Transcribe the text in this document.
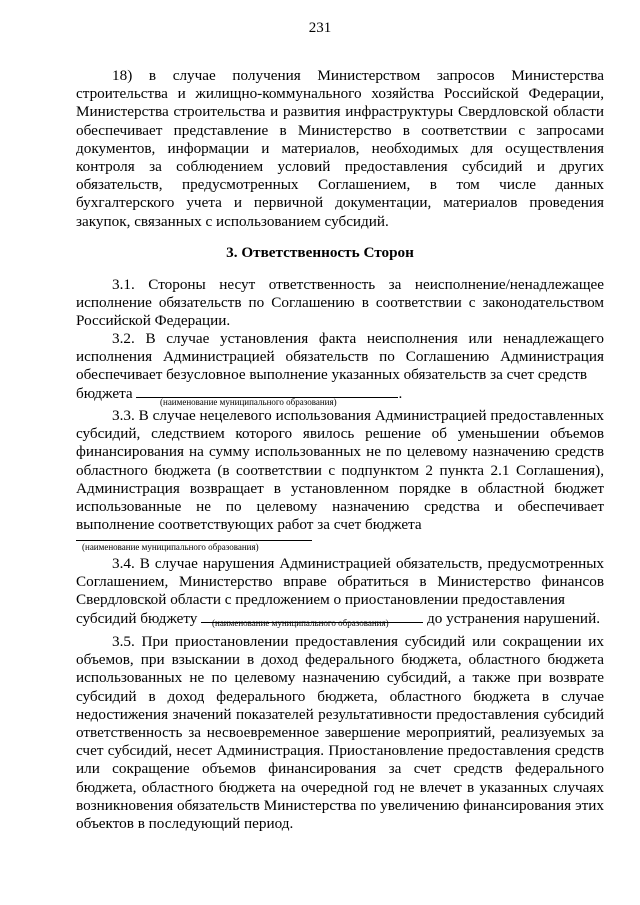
231

18) в случае получения Министерством запросов Министерства строительства и жилищно-коммунального хозяйства Российской Федерации, Министерства строительства и развития инфраструктуры Свердловской области обеспечивает представление в Министерство в соответствии с запросами документов, информации и материалов, необходимых для осуществления контроля за соблюдением условий предоставления субсидий и других обязательств, предусмотренных Соглашением, в том числе данных бухгалтерского учета и первичной документации, материалов проведения закупок, связанных с использованием субсидий.

3. Ответственность Сторон

3.1. Стороны несут ответственность за неисполнение/ненадлежащее исполнение обязательств по Соглашению в соответствии с законодательством Российской Федерации.

3.2. В случае установления факта неисполнения или ненадлежащего исполнения Администрацией обязательств по Соглашению Администрация обеспечивает безусловное выполнение указанных обязательств за счет средств

бюджета	.

(наименование муниципального образования)

3.3. В случае нецелевого использования Администрацией предоставленных субсидий, следствием которого явилось решение об уменьшении объемов финансирования на сумму использованных не по целевому назначению средств областного бюджета (в соответствии с подпунктом 2 пункта 2.1 Соглашения), Администрация возвращает в установленном порядке в областной бюджет использованные не по целевому назначению средства и обеспечивает выполнение соответствующих работ за счет бюджета

(наименование муниципального образования)

3.4. В случае нарушения Администрацией обязательств, предусмотренных Соглашением, Министерство вправе обратиться в Министерство финансов Свердловской области с предложением о приостановлении предоставления

субсидий бюджету	до устранения нарушений.

(наименование муниципального образования)

3.5. При приостановлении предоставления субсидий или сокращении их объемов, при взыскании в доход федерального бюджета, областного бюджета использованных не по целевому назначению субсидий, а также при возврате субсидий в доход федерального бюджета, областного бюджета в случае недостижения значений показателей результативности предоставления субсидий ответственность за несвоевременное завершение мероприятий, реализуемых за счет субсидий, несет Администрация. Приостановление предоставления средств или сокращение объемов финансирования за счет средств федерального бюджета, областного бюджета на очередной год не влечет в указанных случаях возникновения обязательств Министерства по увеличению финансирования этих объектов в последующий период.
